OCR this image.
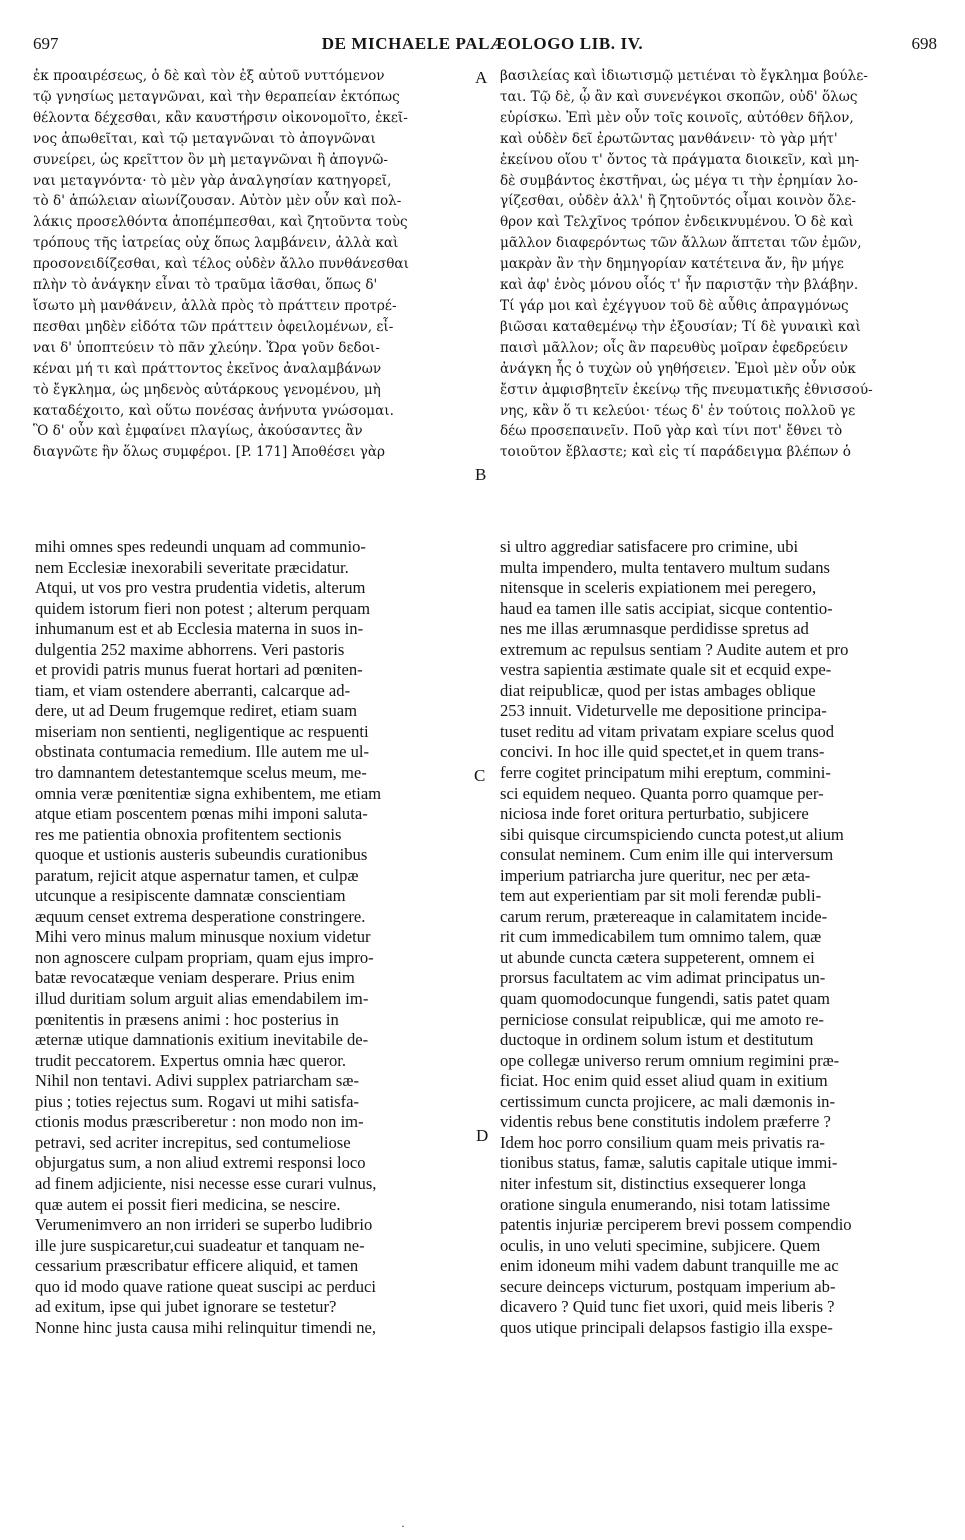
697	DE MICHAELE PALÆOLOGO LIB. IV.	698
ἐκ προαιρέσεως, ὁ δὲ καὶ τὸν ἐξ αὐτοῦ νυττόμενον
τῷ γνησίως μεταγνῶναι, καὶ τὴν θεραπείαν ἐκτόπως
θέλοντα δέχεσθαι, κἂν καυστήρσιν οἰκονομοῖτο, ἐκεῖ-
νος ἀπωθεῖται, καὶ τῷ μεταγνῶναι τὸ ἀπογνῶναι
συνείρει, ὡς κρεῖττον ὂν μὴ μεταγνῶναι ἢ ἀπογνῶ-
ναι μεταγνόντα· τὸ μὲν γὰρ ἀναλγησίαν κατηγορεῖ,
τὸ δ' ἀπώλειαν αἰωνίζουσαν. Αὐτὸν μὲν οὖν καὶ πολ-
λάκις προσελθόντα ἀποπέμπεσθαι, καὶ ζητοῦντα τοὺς
τρόπους τῆς ἰατρείας οὐχ ὅπως λαμβάνειν, ἀλλὰ καὶ
προσονειδίζεσθαι, καὶ τέλος οὐδὲν ἄλλο πυνθάνεσθαι
πλὴν τὸ ἀνάγκην εἶναι τὸ τραῦμα ἰᾶσθαι, ὅπως δ'
ἴσωτο μὴ μανθάνειν, ἀλλὰ πρὸς τὸ πράττειν προτρέ-
πεσθαι μηδὲν εἰδότα τῶν πράττειν ὀφειλομένων, εἶ-
ναι δ' ὑποπτεύειν τὸ πᾶν χλεύην. Ὥρα γοῦν δεδοι-
κέναι μή τι καὶ πράττοντος ἐκεῖνος ἀναλαμβάνων
τὸ ἔγκλημα, ὡς μηδενὸς αὐτάρκους γενομένου, μὴ
καταδέχοιτο, καὶ οὕτω πονέσας ἀνήνυτα γνώσομαι.
Ὃ δ' οὖν καὶ ἐμφαίνει πλαγίως, ἀκούσαντες ἂν
διαγνῶτε ἣν ὅλως συμφέροι. [P. 171] Ἀποθέσει γὰρ
βασιλείας καὶ ἰδιωτισμῷ μετιέναι τὸ ἔγκλημα βούλε-
ται. Τῷ δὲ, ᾧ ἂν καὶ συνενέγκοι σκοπῶν, οὐδ' ὅλως
εὑρίσκω. Ἐπὶ μὲν οὖν τοῖς κοινοῖς, αὐτόθεν δῆλον,
καὶ οὐδὲν δεῖ ἐρωτῶντας μανθάνειν· τὸ γὰρ μήτ'
ἐκείνου οἵου τ' ὄντος τὰ πράγματα διοικεῖν, καὶ μη-
δὲ συμβάντος ἐκστῆναι, ὡς μέγα τι τὴν ἐρημίαν λο-
γίζεσθαι, οὐδὲν ἀλλ' ἢ ζητοῦντός οἶμαι κοινὸν ὄλε-
θρον καὶ Τελχῖνος τρόπον ἐνδεικνυμένου. Ὁ δὲ καὶ
μᾶλλον διαφερόντως τῶν ἄλλων ἅπτεται τῶν ἐμῶν,
μακρὰν ἂν τὴν δημηγορίαν κατέτεινα ἄν, ἣν μήγε
καὶ ἀφ' ἑνὸς μόνου οἷός τ' ἦν παριστᾷν τὴν βλάβην.
Τί γάρ μοι καὶ ἐχέγγυον τοῦ δὲ αὖθις ἀπραγμόνως
βιῶσαι καταθεμένῳ τὴν ἐξουσίαν; Τί δὲ γυναικὶ καὶ
παισὶ μᾶλλον; οἷς ἂν παρευθὺς μοῖραν ἐφεδρεύειν
ἀνάγκη ἧς ὁ τυχὼν οὐ γηθήσειεν. Ἐμοὶ μὲν οὖν οὐκ
ἔστιν ἀμφισβητεῖν ἐκείνῳ τῆς πνευματικῆς ἐθνισσού-
νης, κἂν ὅ τι κελεύοι· τέως δ' ἐν τούτοις πολλοῦ γε
δέω προσεπαινεῖν. Ποῦ γὰρ καὶ τίνι ποτ' ἔθνει τὸ
τοιοῦτον ἔβλαστε; καὶ εἰς τί παράδειγμα βλέπων ὁ
mihi omnes spes redeundi unquam ad communio-
nem Ecclesiæ inexorabili severitate præcidatur.
Atqui, ut vos pro vestra prudentia videtis, alterum
quidem istorum fieri non potest ; alterum perquam
inhumanum est et ab Ecclesia materna in suos in-
dulgentia 252 maxime abhorrens. Veri pastoris
et providi patris munus fuerat hortari ad pœniten-
tiam, et viam ostendere aberranti, calcarque ad-
dere, ut ad Deum frugemque rediret, etiam suam
miseriam non sentienti, negligentique ac respuenti
obstinata contumacia remedium. Ille autem me ul-
tro damnantem detestantemque scelus meum, me-
omnia veræ pœnitentiæ signa exhibentem, me etiam
atque etiam poscentem pœnas mihi imponi saluta-
res me patientia obnoxia profitentem sectionis
quoque et ustionis austeris subeundis curationibus
paratum, rejicit atque aspernatur tamen, et culpæ
utcunque a resipiscente damnatæ conscientiam
æquum censet extrema desperatione constringere.
Mihi vero minus malum minusque noxium videtur
non agnoscere culpam propriam, quam ejus impro-
batæ revocatæque veniam desperare. Prius enim
illud duritiam solum arguit alias emendabilem im-
pœnitentis in præsens animi : hoc posterius in
æternæ utique damnationis exitium inevitabile de-
trudit peccatorem. Expertus omnia hæc queror.
Nihil non tentavi. Adivi supplex patriarcham sæ-
pius ; toties rejectus sum. Rogavi ut mihi satisfa-
ctionis modus præscriberetur : non modo non im-
petravi, sed acriter increpitus, sed contumeliose
objurgatus sum, a non aliud extremi responsi loco
ad finem adjiciente, nisi necesse esse curari vulnus,
quæ autem ei possit fieri medicina, se nescire.
Verumenimvero an non irrideri se superbo ludibrio
ille jure suspicaretur,cui suadeatur et tanquam ne-
cessarium præscribatur efficere aliquid, et tamen
quo id modo quave ratione queat suscipi ac perduci
ad exitum, ipse qui jubet ignorare se testetur?
Nonne hinc justa causa mihi relinquitur timendi ne,
si ultro aggrediar satisfacere pro crimine, ubi
multa impendero, multa tentavero multum sudans
nitensque in sceleris expiationem mei peregero,
haud ea tamen ille satis accipiat, sicque contentio-
nes me illas ærumnasque perdidisse spretus ad
extremum ac repulsus sentiam ? Audite autem et pro
vestra sapientia æstimate quale sit et ecquid expe-
diat reipublicæ, quod per istas ambages oblique
253 innuit. Videturvelle me depositione principa-
tuset reditu ad vitam privatam expiare scelus quod
concivi. In hoc ille quid spectet,et in quem trans-
ferre cogitet principatum mihi ereptum, commini-
sci equidem nequeo. Quanta porro quamque per-
niciosa inde foret oritura perturbatio, subjicere
sibi quisque circumspiciendo cuncta potest,ut alium
consulat neminem. Cum enim ille qui interversum
imperium patriarcha jure queritur, nec per æta-
tem aut experientiam par sit moli ferendæ publi-
carum rerum, prætereaque in calamitatem incide-
rit cum immedicabilem tum omnimo talem, quæ
ut abunde cuncta cætera suppeterent, omnem ei
prorsus facultatem ac vim adimat principatus un-
quam quomodocunque fungendi, satis patet quam
perniciose consulat reipublicæ, qui me amoto re-
ductoque in ordinem solum istum et destitutum
ope collegæ universo rerum omnium regimini præ-
ficiat. Hoc enim quid esset aliud quam in exitium
certissimum cuncta projicere, ac mali dæmonis in-
videntis rebus bene constitutis indolem præferre ?
Idem hoc porro consilium quam meis privatis ra-
tionibus status, famæ, salutis capitale utique immi-
niter infestum sit, distinctius exsequerer longa
oratione singula enumerando, nisi totam latissime
patentis injuriæ perciperem brevi possem compendio
oculis, in uno veluti specimine, subjicere. Quem
enim idoneum mihi vadem dabunt tranquille me ac
secure deinceps victurum, postquam imperium ab-
dicavero ? Quid tunc fiet uxori, quid meis liberis ?
quos utique principali delapsos fastigio illa exspe-
A
B
C
D
·
